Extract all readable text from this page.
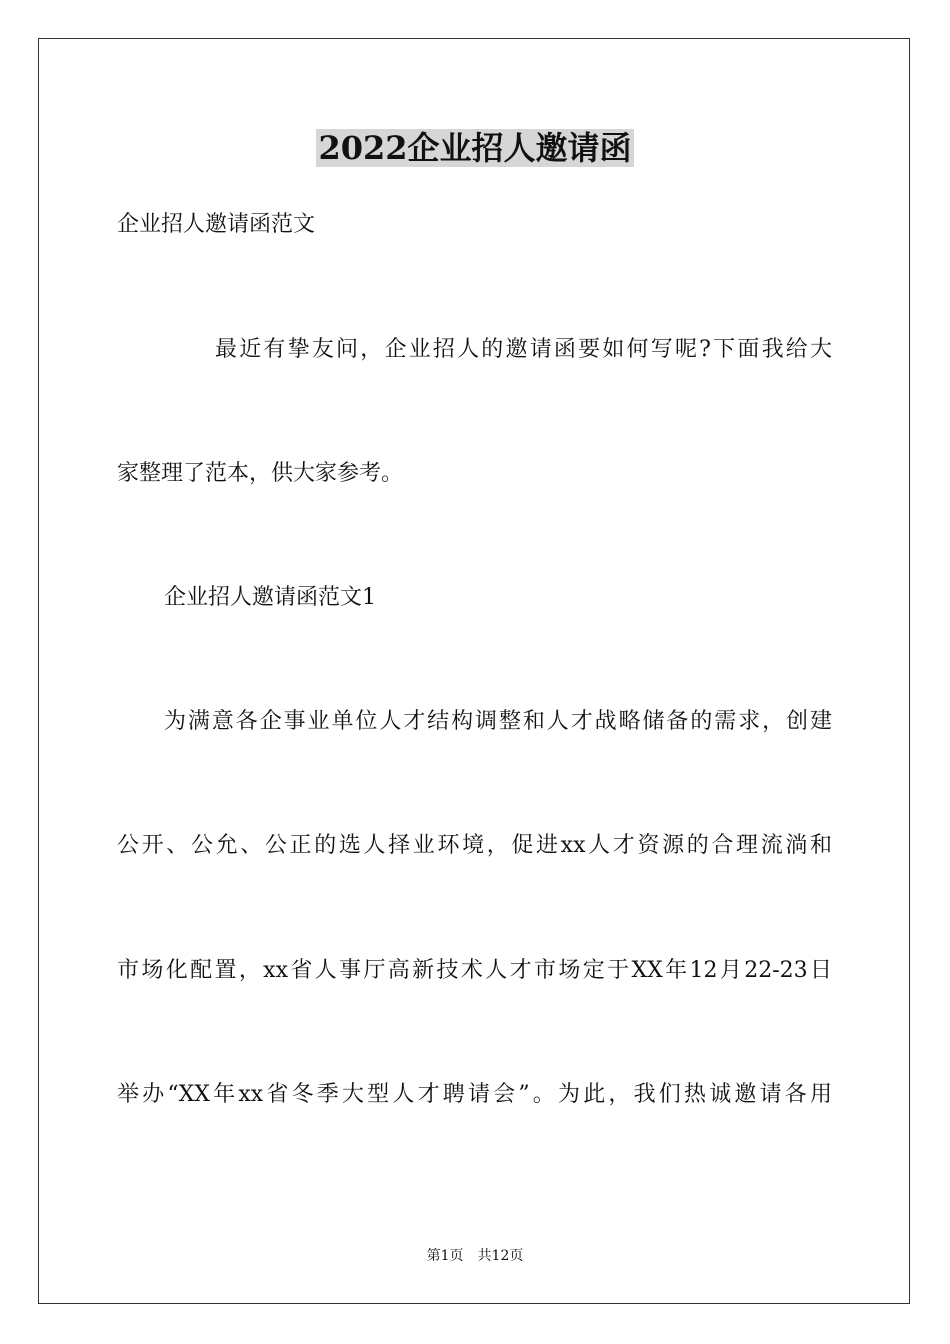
2022企业招人邀请函
企业招人邀请函范文
最近有挚友问，企业招人的邀请函要如何写呢?下面我给大
家整理了范本，供大家参考。
企业招人邀请函范文1
为满意各企事业单位人才结构调整和人才战略储备的需求，创建
公开、公允、公正的选人择业环境，促进xx人才资源的合理流淌和
市场化配置，xx省人事厅高新技术人才市场定于XX年12月22-23日
举办“XX年xx省冬季大型人才聘请会”。为此，我们热诚邀请各用
第1页　共12页
